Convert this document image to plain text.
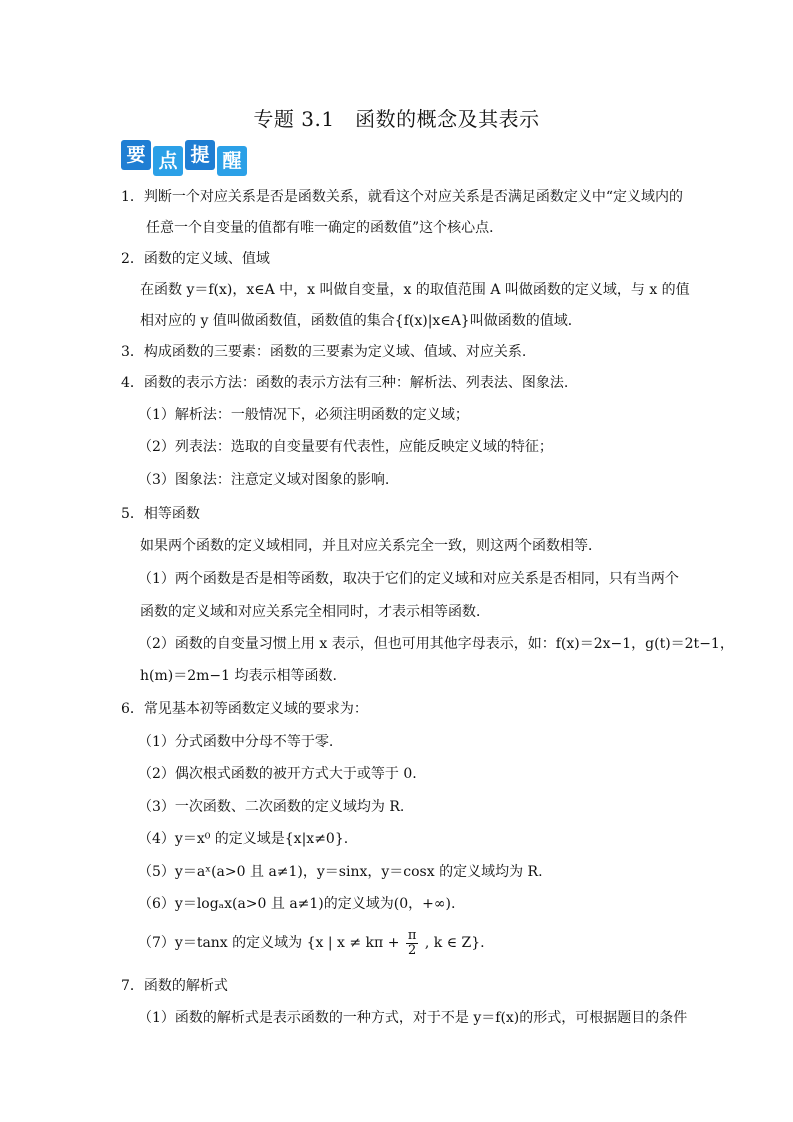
专题 3.1　函数的概念及其表示
要 点 提 醒
1．判断一个对应关系是否是函数关系，就看这个对应关系是否满足函数定义中“定义域内的
任意一个自变量的值都有唯一确定的函数值”这个核心点．
2．函数的定义域、值域
在函数 y＝f(x)，x∈A 中，x 叫做自变量，x 的取值范围 A 叫做函数的定义域，与 x 的值
相对应的 y 值叫做函数值，函数值的集合{f(x)|x∈A}叫做函数的值域．
3．构成函数的三要素：函数的三要素为定义域、值域、对应关系.
4．函数的表示方法：函数的表示方法有三种：解析法、列表法、图象法.
（1）解析法：一般情况下，必须注明函数的定义域；
（2）列表法：选取的自变量要有代表性，应能反映定义域的特征；
（3）图象法：注意定义域对图象的影响.
5．相等函数
如果两个函数的定义域相同，并且对应关系完全一致，则这两个函数相等．
（1）两个函数是否是相等函数，取决于它们的定义域和对应关系是否相同，只有当两个
函数的定义域和对应关系完全相同时，才表示相等函数．
（2）函数的自变量习惯上用 x 表示，但也可用其他字母表示，如：f(x)＝2x−1，g(t)＝2t−1，
h(m)＝2m−1 均表示相等函数.
6．常见基本初等函数定义域的要求为：
（1）分式函数中分母不等于零.
（2）偶次根式函数的被开方式大于或等于 0.
（3）一次函数、二次函数的定义域均为 R.
（4）y＝x⁰ 的定义域是{x|x≠0}.
（5）y＝aˣ(a>0 且 a≠1)，y＝sinx，y＝cosx 的定义域均为 R.
（6）y＝logₐx(a>0 且 a≠1)的定义域为(0，+∞).
（7）y＝tanx 的定义域为 {x | $x \ne k\pi + \frac{\pi}{2}$ , k ∈ Z}.
7．函数的解析式
（1）函数的解析式是表示函数的一种方式，对于不是 y＝f(x)的形式，可根据题目的条件
